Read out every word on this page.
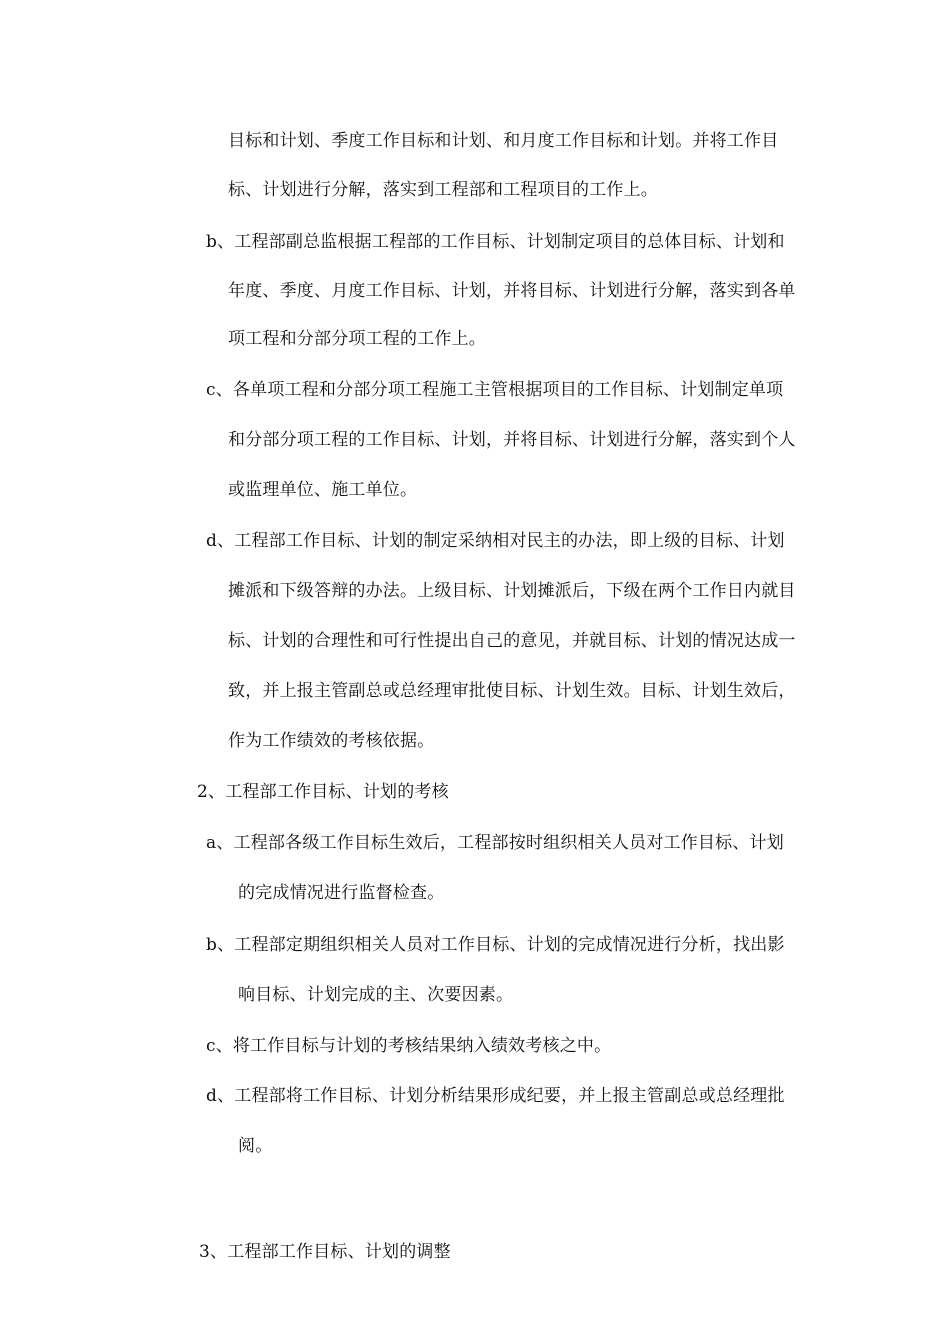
目标和计划、季度工作目标和计划、和月度工作目标和计划。并将工作目
标、计划进行分解，落实到工程部和工程项目的工作上。
b、工程部副总监根据工程部的工作目标、计划制定项目的总体目标、计划和
年度、季度、月度工作目标、计划，并将目标、计划进行分解，落实到各单
项工程和分部分项工程的工作上。
c、各单项工程和分部分项工程施工主管根据项目的工作目标、计划制定单项
和分部分项工程的工作目标、计划，并将目标、计划进行分解，落实到个人
或监理单位、施工单位。
d、工程部工作目标、计划的制定采纳相对民主的办法，即上级的目标、计划
摊派和下级答辩的办法。上级目标、计划摊派后，下级在两个工作日内就目
标、计划的合理性和可行性提出自己的意见，并就目标、计划的情况达成一
致，并上报主管副总或总经理审批使目标、计划生效。目标、计划生效后，
作为工作绩效的考核依据。
2、工程部工作目标、计划的考核
a、工程部各级工作目标生效后，工程部按时组织相关人员对工作目标、计划
的完成情况进行监督检查。
b、工程部定期组织相关人员对工作目标、计划的完成情况进行分析，找出影
响目标、计划完成的主、次要因素。
c、将工作目标与计划的考核结果纳入绩效考核之中。
d、工程部将工作目标、计划分析结果形成纪要，并上报主管副总或总经理批
阅。
3、工程部工作目标、计划的调整
